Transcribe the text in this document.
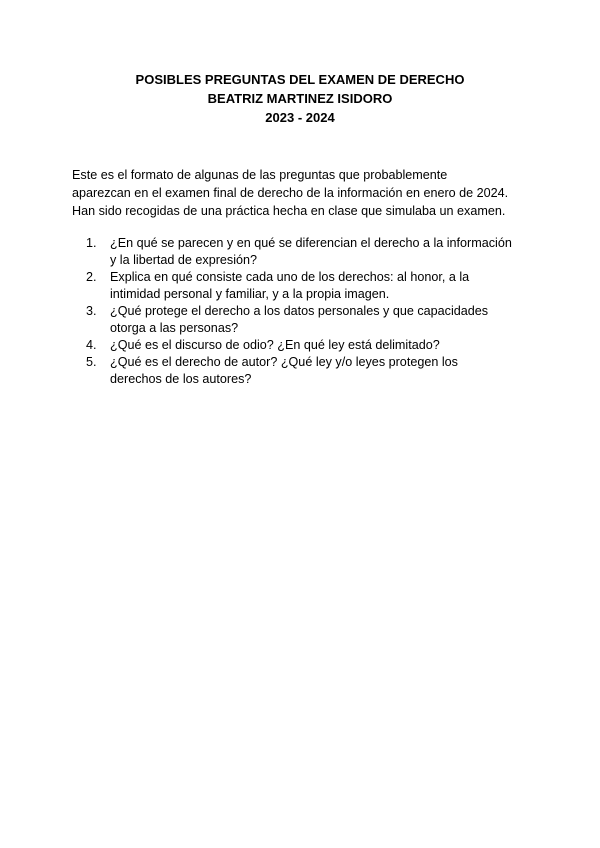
POSIBLES PREGUNTAS DEL EXAMEN DE DERECHO
BEATRIZ MARTINEZ ISIDORO
2023 - 2024
Este es el formato de algunas de las preguntas que probablemente
aparezcan en el examen final de derecho de la información en enero de 2024.
Han sido recogidas de una práctica hecha en clase que simulaba un examen.
1.	¿En qué se parecen y en qué se diferencian el derecho a la información
y la libertad de expresión?
2.	Explica en qué consiste cada uno de los derechos: al honor, a la
intimidad personal y familiar, y a la propia imagen.
3.	¿Qué protege el derecho a los datos personales y que capacidades
otorga a las personas?
4.	¿Qué es el discurso de odio? ¿En qué ley está delimitado?
5.	¿Qué es el derecho de autor? ¿Qué ley y/o leyes protegen los
derechos de los autores?
